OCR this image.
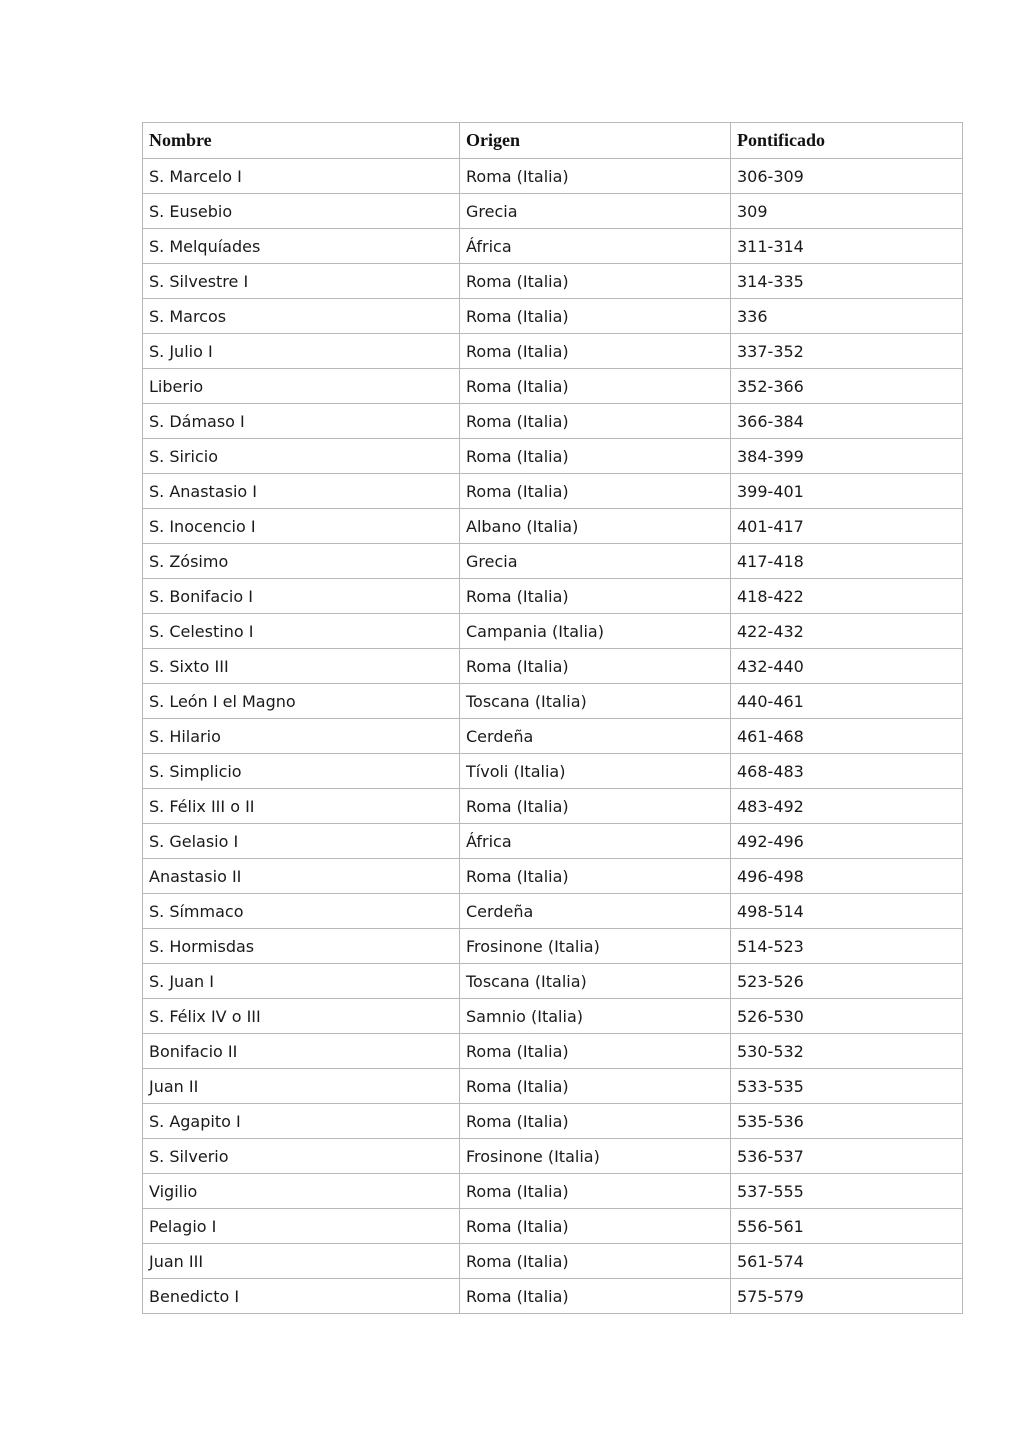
Nombre	Origen	Pontificado
S. Marcelo I	Roma (Italia)	306-309
S. Eusebio	Grecia	309
S. Melquíades	África	311-314
S. Silvestre I	Roma (Italia)	314-335
S. Marcos	Roma (Italia)	336
S. Julio I	Roma (Italia)	337-352
Liberio	Roma (Italia)	352-366
S. Dámaso I	Roma (Italia)	366-384
S. Siricio	Roma (Italia)	384-399
S. Anastasio I	Roma (Italia)	399-401
S. Inocencio I	Albano (Italia)	401-417
S. Zósimo	Grecia	417-418
S. Bonifacio I	Roma (Italia)	418-422
S. Celestino I	Campania (Italia)	422-432
S. Sixto III	Roma (Italia)	432-440
S. León I el Magno	Toscana (Italia)	440-461
S. Hilario	Cerdeña	461-468
S. Simplicio	Tívoli (Italia)	468-483
S. Félix III o II	Roma (Italia)	483-492
S. Gelasio I	África	492-496
Anastasio II	Roma (Italia)	496-498
S. Símmaco	Cerdeña	498-514
S. Hormisdas	Frosinone (Italia)	514-523
S. Juan I	Toscana (Italia)	523-526
S. Félix IV o III	Samnio (Italia)	526-530
Bonifacio II	Roma (Italia)	530-532
Juan II	Roma (Italia)	533-535
S. Agapito I	Roma (Italia)	535-536
S. Silverio	Frosinone (Italia)	536-537
Vigilio	Roma (Italia)	537-555
Pelagio I	Roma (Italia)	556-561
Juan III	Roma (Italia)	561-574
Benedicto I	Roma (Italia)	575-579
